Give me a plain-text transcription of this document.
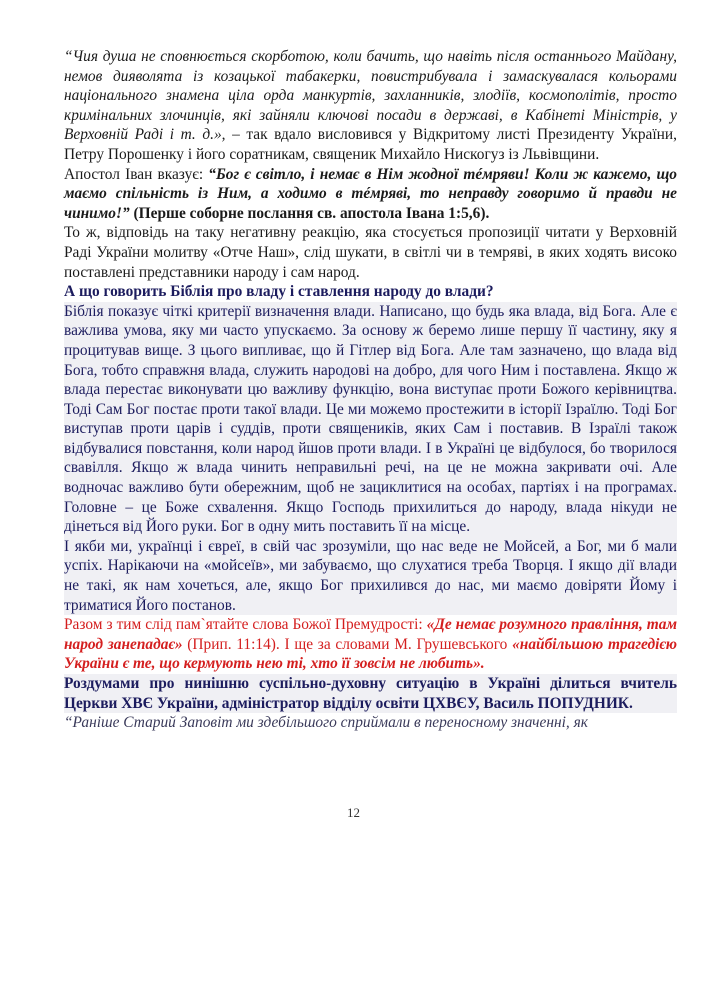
“Чия душа не сповнюється скорботою, коли бачить, що навіть після останнього Майдану, немов дияволята із козацької табакерки, повистрибувала і замаскувалася кольорами національного знамена ціла орда манкуртів, захланників, злодіїв, космополітів, просто кримінальних злочинців, які зайняли ключові посади в державі, в Кабінеті Міністрів, у Верховній Раді і т. д.», – так вдало висловився у Відкритому листі Президенту України, Петру Порошенку і його соратникам, священик Михайло Нискогуз із Львівщини.

Апостол Іван вказує: “Бог є світло, і немає в Нім жодної тéмряви! Коли ж кажемо, що маємо спільність із Ним, а ходимо в тéмряві, то неправду говоримо й правди не чинимо!” (Перше соборне послання св. апостола Івана 1:5,6).

То ж, відповідь на таку негативну реакцію, яка стосується пропозиції читати у Верховній Раді України молитву «Отче Наш», слід шукати, в світлі чи в темряві, в яких ходять високо поставлені представники народу і сам народ.

А що говорить Біблія про владу і ставлення народу до влади?

Біблія показує чіткі критерії визначення влади. Написано, що будь яка влада, від Бога. Але є важлива умова, яку ми часто упускаємо. За основу ж беремо лише першу її частину, яку я процитував вище. З цього випливає, що й Гітлер від Бога. Але там зазначено, що влада від Бога, тобто справжня влада, служить народові на добро, для чого Ним і поставлена. Якщо ж влада перестає виконувати цю важливу функцію, вона виступає проти Божого керівництва. Тоді Сам Бог постає проти такої влади. Це ми можемо простежити в історії Ізраїлю. Тоді Бог виступав проти царів і суддів, проти священиків, яких Сам і поставив. В Ізраїлі також відбувалися повстання, коли народ йшов проти влади. І в Україні це відбулося, бо творилося свавілля. Якщо ж влада чинить неправильні речі, на це не можна закривати очі. Але водночас важливо бути обережним, щоб не зациклитися на особах, партіях і на програмах. Головне – це Боже схвалення. Якщо Господь прихилиться до народу, влада нікуди не дінеться від Його руки. Бог в одну мить поставить її на місце.

І якби ми, українці і євреї, в свій час зрозуміли, що нас веде не Мойсей, а Бог, ми б мали успіх. Нарікаючи на «мойсеїв», ми забуваємо, що слухатися треба Творця. І якщо дії влади не такі, як нам хочеться, але, якщо Бог прихилився до нас, ми маємо довіряти Йому і триматися Його постанов.

Разом з тим слід пам`ятайте слова Божої Премудрості: «Де немає розумного правління, там народ занепадає» (Прип. 11:14). І ще за словами М. Грушевського «найбільшою трагедією України є те, що кермують нею ті, хто її зовсім не любить».

Роздумами про нинішню суспільно-духовну ситуацію в Україні ділиться вчитель Церкви ХВЄ України, адміністратор відділу освіти ЦХВЄУ, Василь ПОПУДНИК.

“Раніше Старий Заповіт ми здебільшого сприймали в переносному значенні, як

12
